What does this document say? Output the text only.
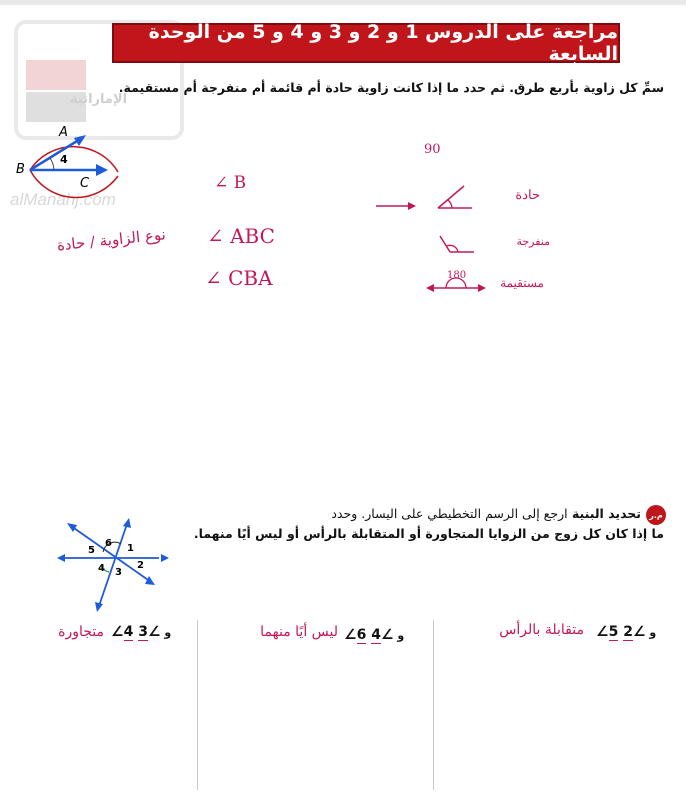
الإماراتية
alManahj.com
مراجعة على الدروس 1 و 2 و 3 و 4 و 5 من الوحدة السابعة
سمِّ كل زاوية بأربع طرق. ثم حدد ما إذا كانت زاوية حادة أم قائمة أم منفرجة أم مستقيمة.
A
B
C
4
∠ B
∠ ABC
∠ CBA
نوع الزاوية / حادة
90
180
حادة
منفرجة
مستقيمة
م.ر
تحديد البنية ارجع إلى الرسم التخطيطي على اليسار. وحدد
ما إذا كان كل زوج من الزوايا المتجاورة أو المتقابلة بالرأس أو ليس أيًا منهما.
6 1
5
4 3
2
∠5 و ∠2
متقابلة بالرأس
∠6 و ∠4
ليس أيًا منهما
∠4 و ∠3
متجاورة
